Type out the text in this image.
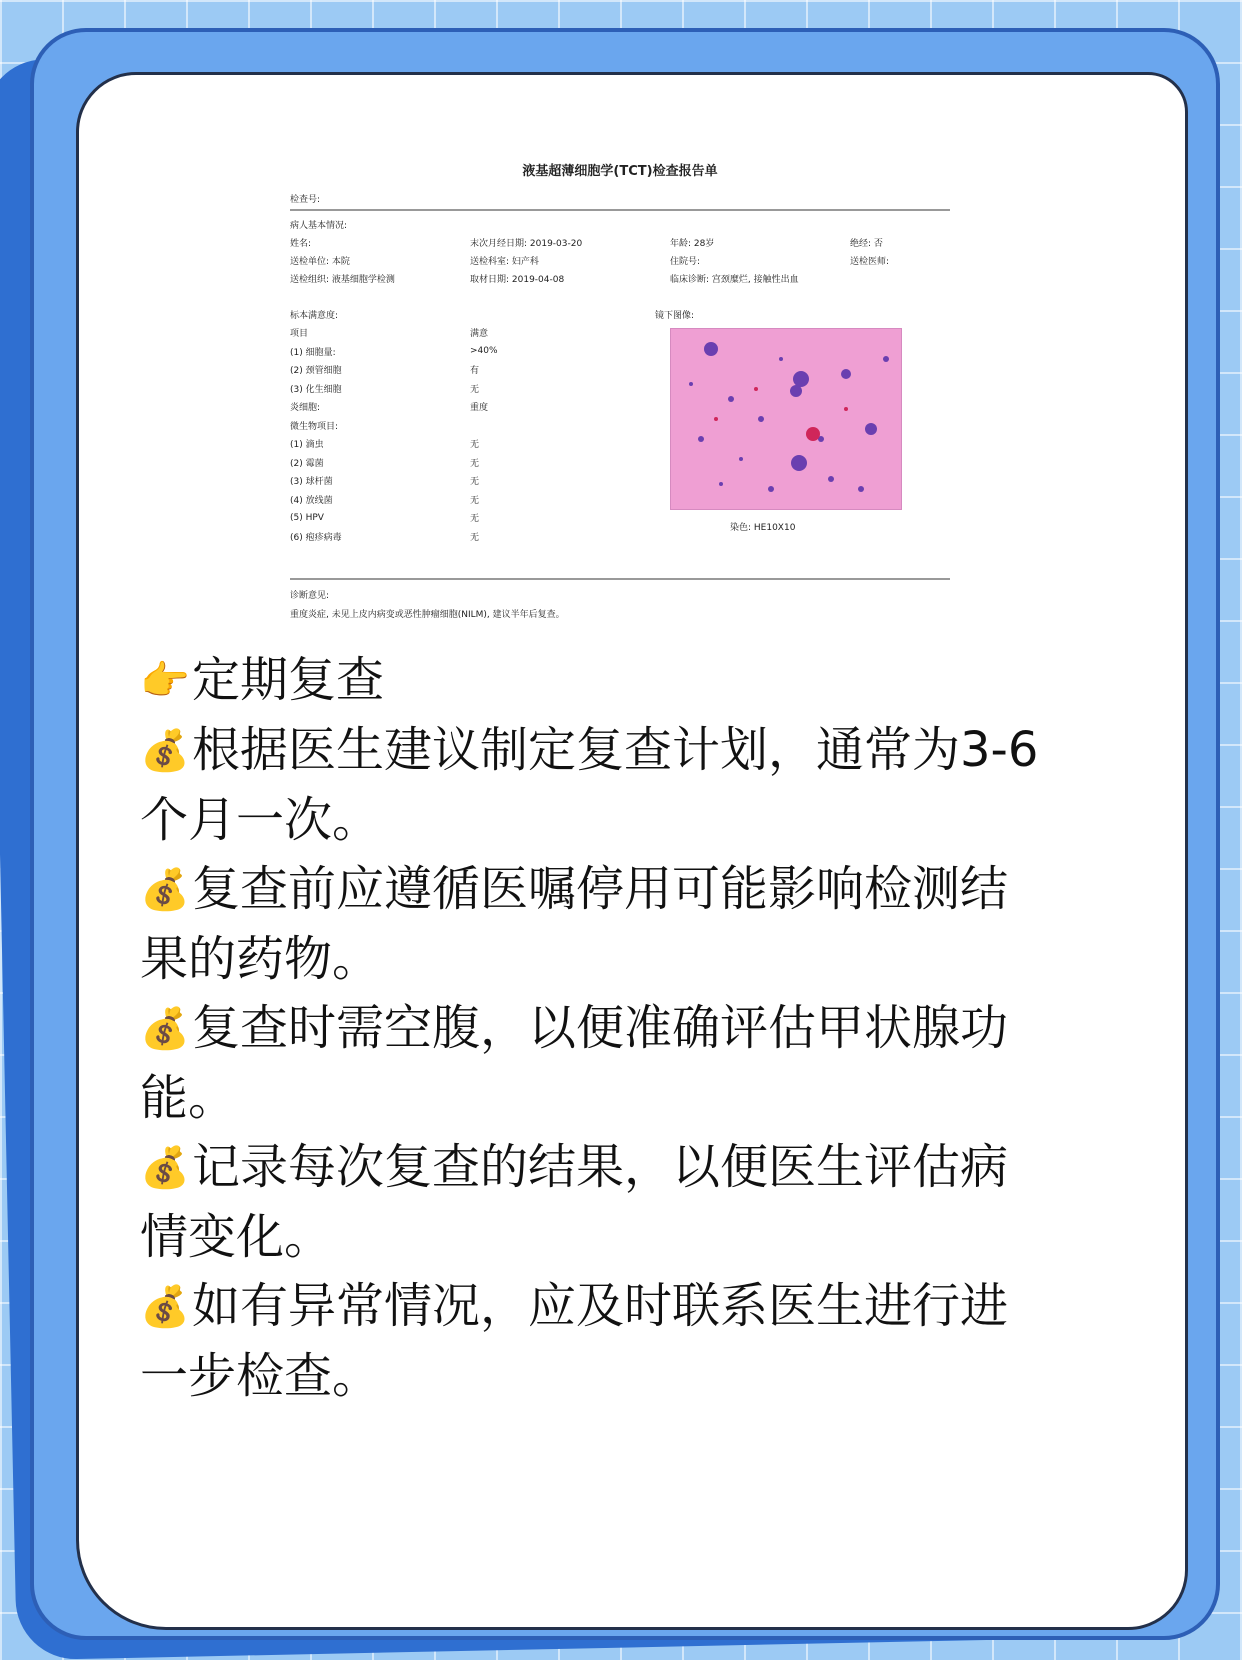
液基超薄细胞学(TCT)检查报告单
检查号:
病人基本情况:
姓名:	末次月经日期: 2019-03-20	年龄: 28岁	绝经: 否
送检单位: 本院	送检科室: 妇产科	住院号:	送检医师:
送检组织: 液基细胞学检测	取材日期: 2019-04-08	临床诊断: 宫颈糜烂, 接触性出血
标本满意度:
项目	满意
(1) 细胞量:	>40%
(2) 颈管细胞	有
(3) 化生细胞	无
炎细胞:	重度
微生物项目:
(1) 滴虫	无
(2) 霉菌	无
(3) 球杆菌	无
(4) 放线菌	无
(5) HPV	无
(6) 疱疹病毒	无
镜下图像:
染色: HE10X10
诊断意见:
重度炎症, 未见上皮内病变或恶性肿瘤细胞(NILM), 建议半年后复查。
👉定期复查
💰根据医生建议制定复查计划，通常为3-6个月一次。
💰复查前应遵循医嘱停用可能影响检测结果的药物。
💰复查时需空腹，以便准确评估甲状腺功能。
💰记录每次复查的结果，以便医生评估病情变化。
💰如有异常情况，应及时联系医生进行进一步检查。
